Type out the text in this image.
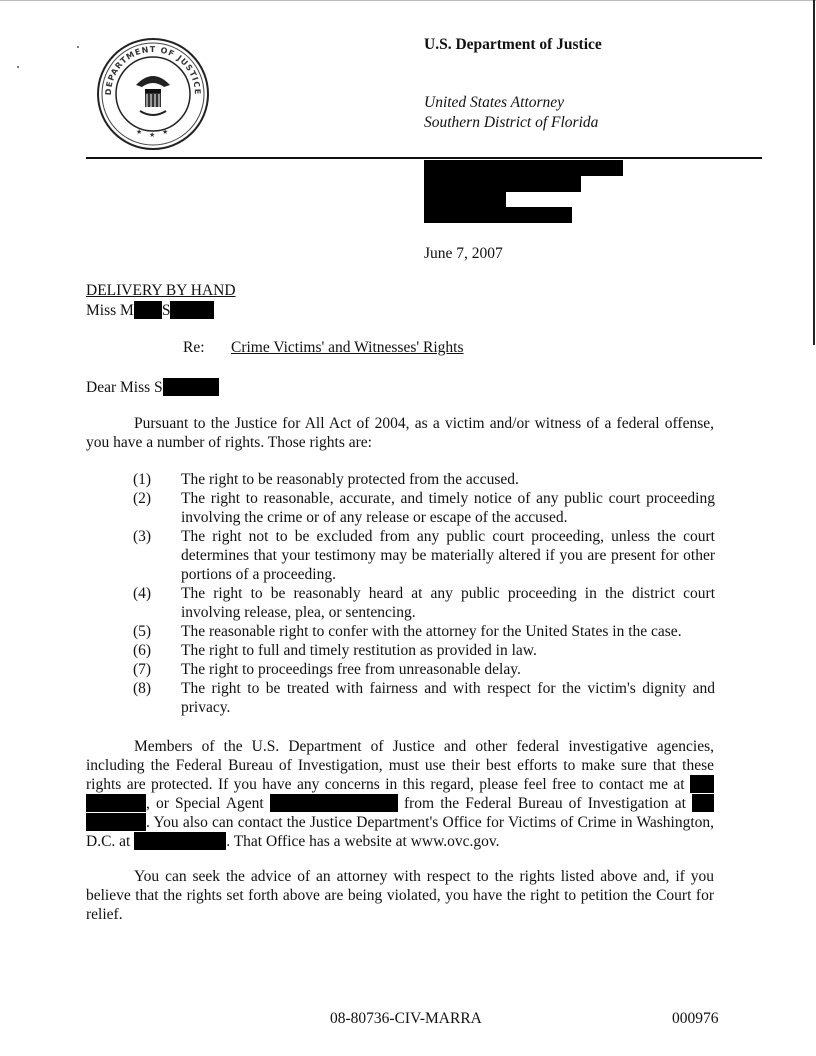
DEPARTMENT OF JUSTICE
★ ★ ★
U.S. Department of Justice
United States Attorney
Southern District of Florida
June 7, 2007
DELIVERY BY HAND
Miss M S
Re: Crime Victims' and Witnesses' Rights
Dear Miss S
Pursuant to the Justice for All Act of 2004, as a victim and/or witness of a federal offense, you have a number of rights. Those rights are:
(1)	The right to be reasonably protected from the accused.
(2)	The right to reasonable, accurate, and timely notice of any public court proceeding involving the crime or of any release or escape of the accused.
(3)	The right not to be excluded from any public court proceeding, unless the court determines that your testimony may be materially altered if you are present for other portions of a proceeding.
(4)	The right to be reasonably heard at any public proceeding in the district court involving release, plea, or sentencing.
(5)	The reasonable right to confer with the attorney for the United States in the case.
(6)	The right to full and timely restitution as provided in law.
(7)	The right to proceedings free from unreasonable delay.
(8)	The right to be treated with fairness and with respect for the victim's dignity and privacy.
Members of the U.S. Department of Justice and other federal investigative agencies, including the Federal Bureau of Investigation, must use their best efforts to make sure that these rights are protected. If you have any concerns in this regard, please feel free to contact me at  , or Special Agent	from the Federal Bureau of Investigation at  . You also can contact the Justice Department's Office for Victims of Crime in Washington, D.C. at	. That Office has a website at www.ovc.gov.
You can seek the advice of an attorney with respect to the rights listed above and, if you believe that the rights set forth above are being violated, you have the right to petition the Court for relief.
08-80736-CIV-MARRA	000976
